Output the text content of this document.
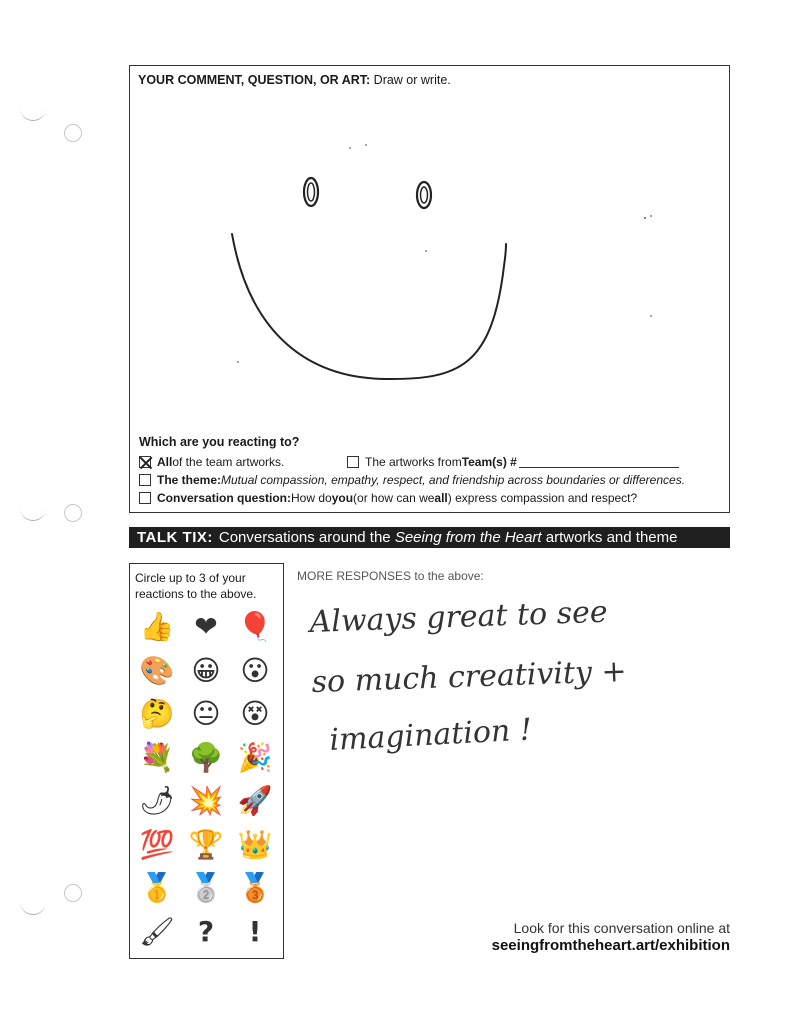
YOUR COMMENT, QUESTION, OR ART: Draw or write.
Which are you reacting to?
All of the team artworks.	The artworks from Team(s) #
The theme: Mutual compassion, empathy, respect, and friendship across boundaries or differences.
Conversation question: How do you (or how can we all ) express compassion and respect?
TALK TIX: Conversations around the Seeing from the Heart artworks and theme
Circle up to 3 of your reactions to the above.
👍 ❤ 🎈
🎨 😀 😮
🤔 😐 😵
💐 🌳 🎉
🌶 💥 🚀
💯 🏆 👑
🥇 🥈 🥉
🖌 ?	!
MORE RESPONSES to the above:
Always great to see
so much creativity +
imagination !
Look for this conversation online at
seeingfromtheheart.art/exhibition
